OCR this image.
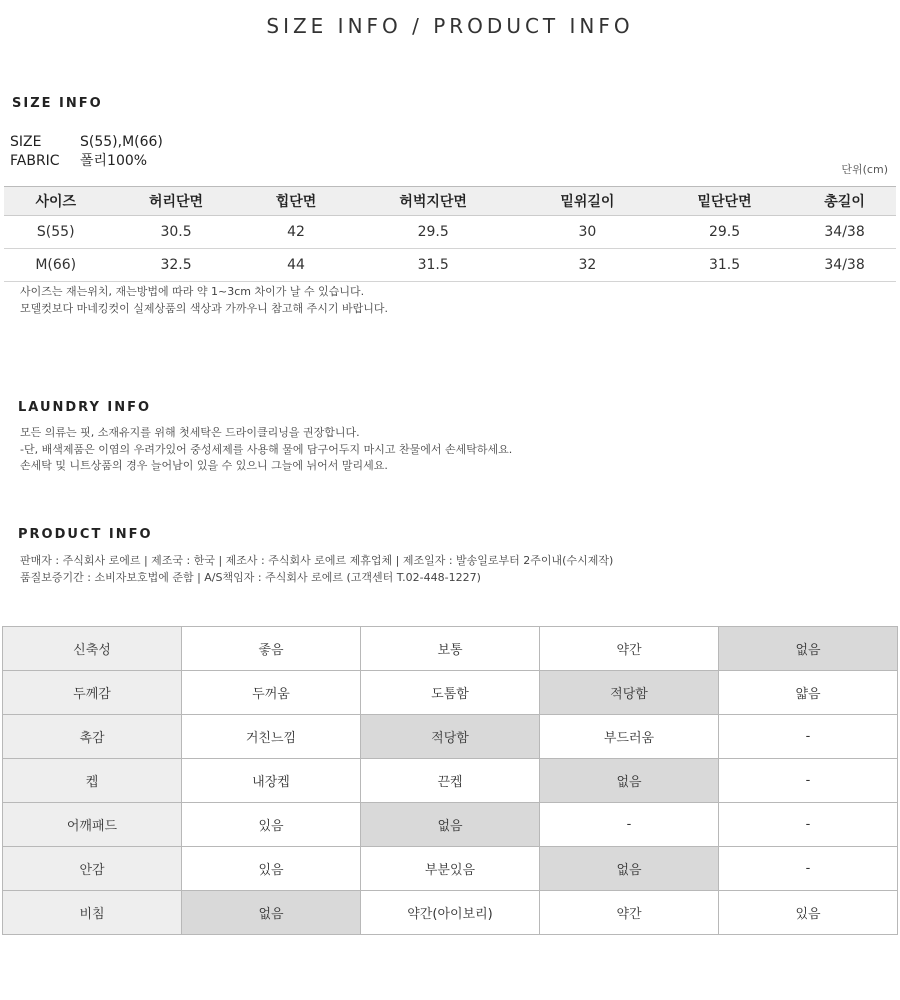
SIZE INFO / PRODUCT INFO
SIZE INFO
SIZE	S(55),M(66)
FABRIC 폴리100%
단위(cm)
사이즈	허리단면	힙단면	허벅지단면	밑위길이	밑단단면	총길이
S(55)	30.5	42	29.5	30	29.5	34/38
M(66)	32.5	44	31.5	32	31.5	34/38
사이즈는 재는위치, 재는방법에 따라 약 1~3cm 차이가 날 수 있습니다.
모델컷보다 마네킹컷이 실제상품의 색상과 가까우니 참고해 주시기 바랍니다.
LAUNDRY INFO
모든 의류는 핏, 소재유지를 위해 첫세탁은 드라이클리닝을 권장합니다.
-단, 배색제품은 이염의 우려가있어 중성세제를 사용해 물에 담구어두지 마시고 찬물에서 손세탁하세요.
손세탁 및 니트상품의 경우 늘어남이 있을 수 있으니 그늘에 뉘어서 말리세요.
PRODUCT INFO
판매자 : 주식회사 로에르 | 제조국 : 한국 | 제조사 : 주식회사 로에르 제휴업체 | 제조일자 : 발송일로부터 2주이내(수시제작)
품질보증기간 : 소비자보호법에 준함 | A/S책임자 : 주식회사 로에르 (고객센터 T.02-448-1227)
신축성	좋음	보통	약간	없음
두께감	두꺼움	도톰함	적당함	얇음
촉감	거친느낌	적당함	부드러움	-
켑	내장켑	끈켑	없음	-
어깨패드	있음	없음	-	-
안감	있음	부분있음	없음	-
비침	없음	약간(아이보리)	약간	있음
